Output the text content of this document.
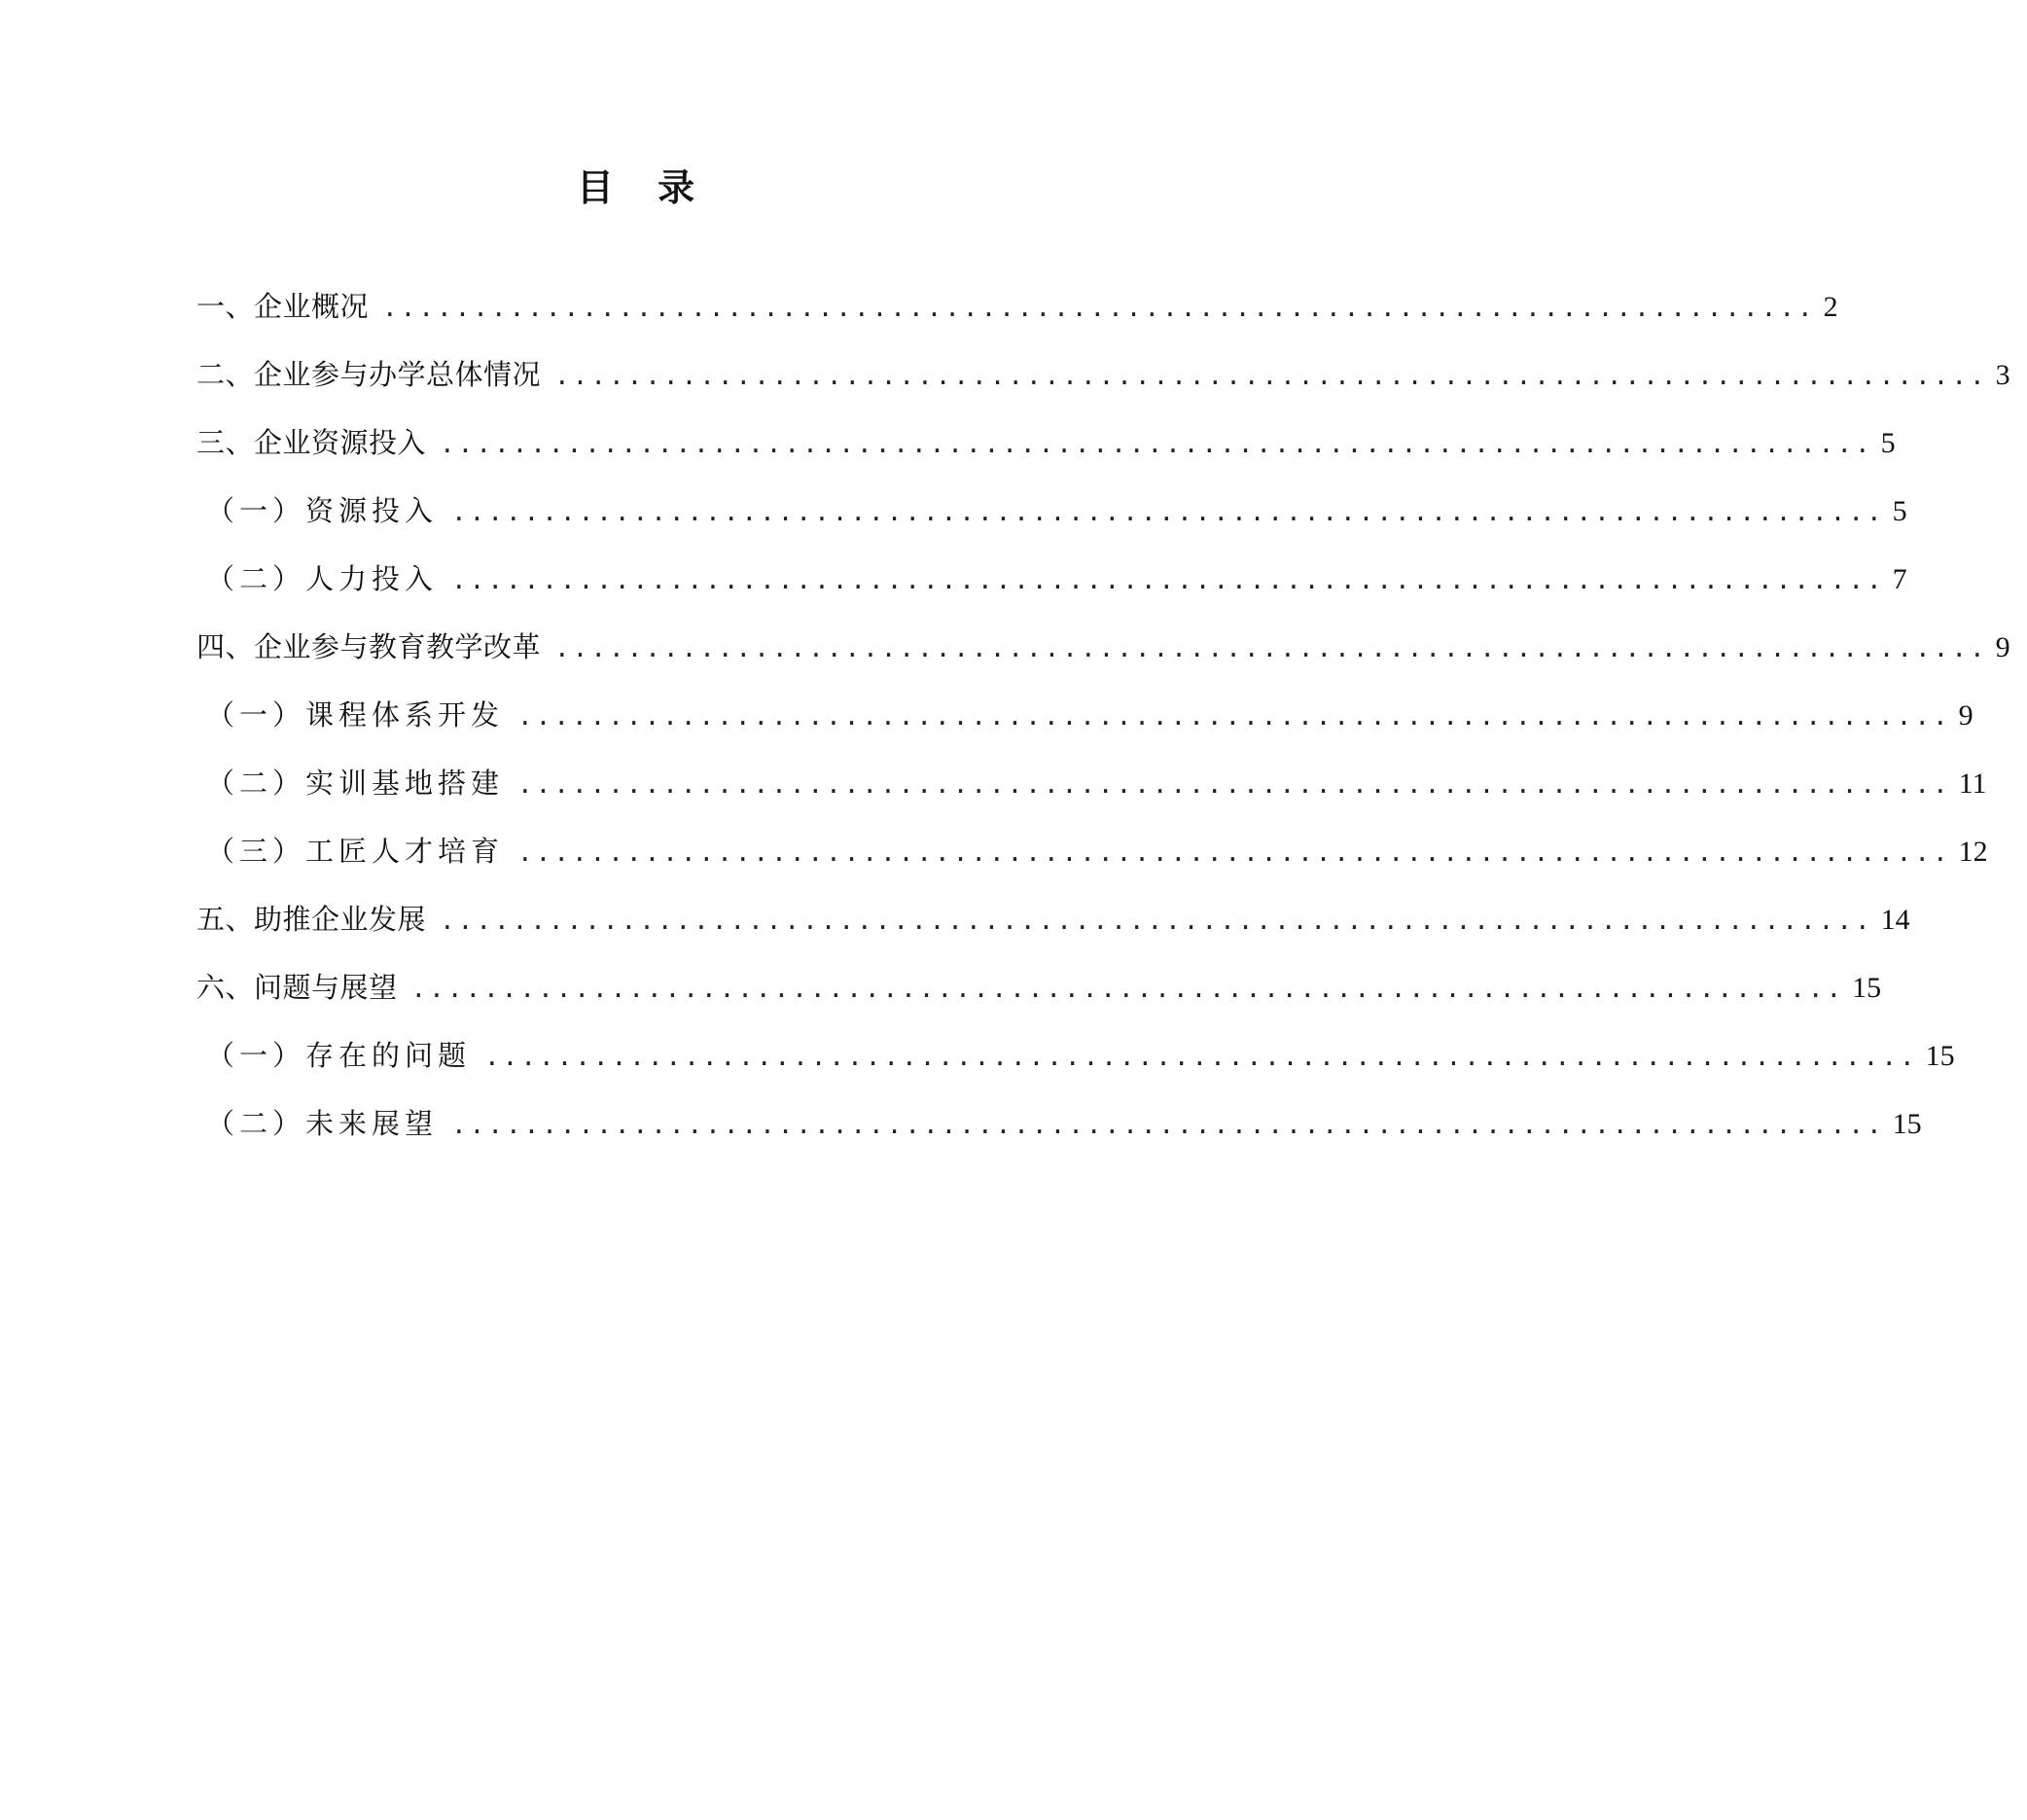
目 录
一、企业概况 ............................................................................... 2
二、企业参与办学总体情况 ............................................................................... 3
三、企业资源投入 ............................................................................... 5
（一）资源投入 ............................................................................... 5
（二）人力投入 ............................................................................... 7
四、企业参与教育教学改革 ............................................................................... 9
（一）课程体系开发 ............................................................................... 9
（二）实训基地搭建 ............................................................................... 11
（三）工匠人才培育 ............................................................................... 12
五、助推企业发展 ............................................................................... 14
六、问题与展望 ............................................................................... 15
（一）存在的问题 ............................................................................... 15
（二）未来展望 ............................................................................... 15
